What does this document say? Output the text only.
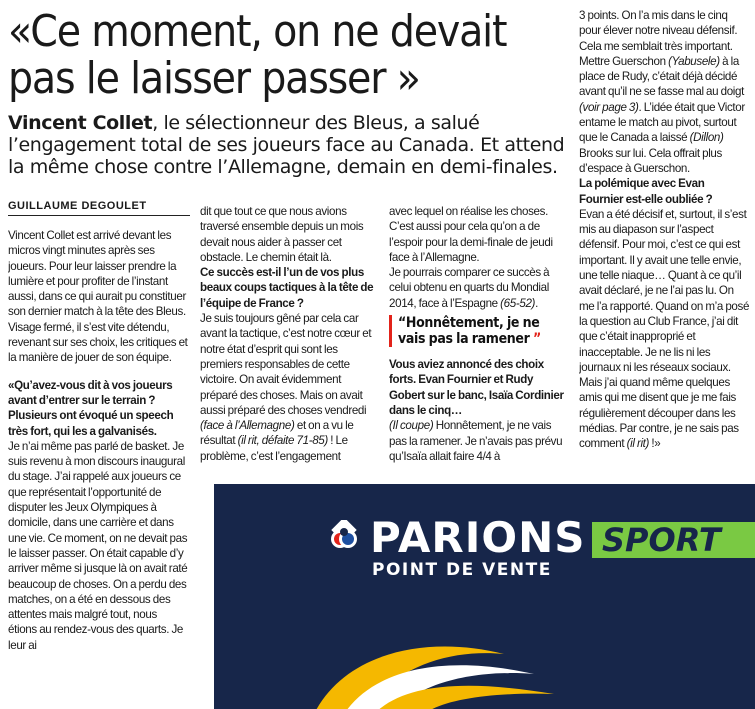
«Ce moment, on ne devait
pas le laisser passer »
Vincent Collet, le sélectionneur des Bleus, a salué l’engagement total de ses joueurs face au Canada. Et attend la même chose contre l’Allemagne, demain en demi-finales.
GUILLAUME DEGOULET

Vincent Collet est arrivé devant les micros vingt minutes après ses joueurs. Pour leur laisser prendre la lumière et pour profiter de l’instant aussi, dans ce qui aurait pu constituer son dernier match à la tête des Bleus. Visage fermé, il s’est vite détendu, revenant sur ses choix, les critiques et la manière de jouer de son équipe.

«Qu’avez-vous dit à vos joueurs avant d’entrer sur le terrain ? Plusieurs ont évoqué un speech très fort, qui les a galvanisés.

Je n’ai même pas parlé de basket. Je suis revenu à mon discours inaugural du stage. J’ai rappelé aux joueurs ce que représentait l’opportunité de disputer les Jeux Olympiques à domicile, dans une carrière et dans une vie. Ce moment, on ne devait pas le laisser passer. On était capable d’y arriver même si jusque là on avait raté beaucoup de choses. On a perdu des matches, on a été en dessous des attentes mais malgré tout, nous étions au rendez-vous des quarts. Je leur ai

dit que tout ce que nous avions traversé ensemble depuis un mois devait nous aider à passer cet obstacle. Le chemin était là.

Ce succès est-il l’un de vos plus beaux coups tactiques à la tête de l’équipe de France ?

Je suis toujours gêné par cela car avant la tactique, c’est notre cœur et notre état d’esprit qui sont les premiers responsables de cette victoire. On avait évidemment préparé des choses. Mais on avait aussi préparé des choses vendredi (face à l’Allemagne) et on a vu le résultat (il rit, défaite 71-85) ! Le problème, c’est l’engagement

avec lequel on réalise les choses. C’est aussi pour cela qu’on a de l’espoir pour la demi-finale de jeudi face à l’Allemagne.

Je pourrais comparer ce succès à celui obtenu en quarts du Mondial 2014, face à l’Espagne (65-52).

“Honnêtement, je ne vais pas la ramener ”

Vous aviez annoncé des choix forts. Evan Fournier et Rudy Gobert sur le banc, Isaïa Cordinier dans le cinq…

(Il coupe) Honnêtement, je ne vais pas la ramener. Je n’avais pas prévu qu’Isaïa allait faire 4/4 à

3 points. On l’a mis dans le cinq pour élever notre niveau défensif. Cela me semblait très important. Mettre Guerschon (Yabusele) à la place de Rudy, c’était déjà décidé avant qu’il ne se fasse mal au doigt (voir page 3). L’idée était que Victor entame le match au pivot, surtout que le Canada a laissé (Dillon) Brooks sur lui. Cela offrait plus d’espace à Guerschon.

La polémique avec Evan Fournier est-elle oubliée ?

Evan a été décisif et, surtout, il s’est mis au diapason sur l’aspect défensif. Pour moi, c’est ce qui est important. Il y avait une telle envie, une telle niaque… Quant à ce qu’il avait déclaré, je ne l’ai pas lu. On me l’a rapporté. Quand on m’a posé la question au Club France, j’ai dit que c’était inapproprié et inacceptable. Je ne lis ni les journaux ni les réseaux sociaux. Mais j’ai quand même quelques amis qui me disent que je me fais régulièrement découper dans les médias. Par contre, je ne sais pas comment (il rit) !»

PARIONS SPORT
POINT DE VENTE
